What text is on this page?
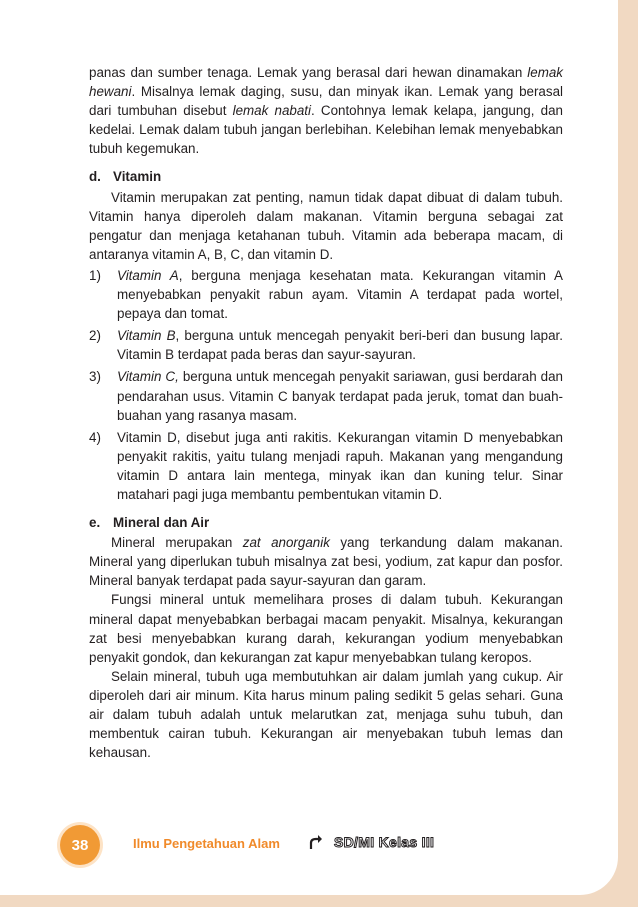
panas dan sumber tenaga. Lemak yang berasal dari hewan dinamakan lemak hewani. Misalnya lemak daging, susu, dan minyak ikan. Lemak yang berasal dari tumbuhan disebut lemak nabati. Contohnya lemak kelapa, jangung, dan kedelai. Lemak dalam tubuh jangan berlebihan. Kelebihan lemak menyebabkan tubuh kegemukan.

d. Vitamin

Vitamin merupakan zat penting, namun tidak dapat dibuat di dalam tubuh. Vitamin hanya diperoleh dalam makanan. Vitamin berguna sebagai zat pengatur dan menjaga ketahanan tubuh. Vitamin ada beberapa macam, di antaranya vitamin A, B, C, dan vitamin D.

1) Vitamin A, berguna menjaga kesehatan mata. Kekurangan vitamin A menyebabkan penyakit rabun ayam. Vitamin A terdapat pada wortel, pepaya dan tomat.
2) Vitamin B, berguna untuk mencegah penyakit beri-beri dan busung lapar. Vitamin B terdapat pada beras dan sayur-sayuran.
3) Vitamin C, berguna untuk mencegah penyakit sariawan, gusi berdarah dan pendarahan usus. Vitamin C banyak terdapat pada jeruk, tomat dan buah-buahan yang rasanya masam.
4) Vitamin D, disebut juga anti rakitis. Kekurangan vitamin D menyebabkan penyakit rakitis, yaitu tulang menjadi rapuh. Makanan yang mengandung vitamin D antara lain mentega, minyak ikan dan kuning telur. Sinar matahari pagi juga membantu pembentukan vitamin D.

e. Mineral dan Air

Mineral merupakan zat anorganik yang terkandung dalam makanan. Mineral yang diperlukan tubuh misalnya zat besi, yodium, zat kapur dan posfor. Mineral banyak terdapat pada sayur-sayuran dan garam.

Fungsi mineral untuk memelihara proses di dalam tubuh. Kekurangan mineral dapat menyebabkan berbagai macam penyakit. Misalnya, kekurangan zat besi menyebabkan kurang darah, kekurangan yodium menyebabkan penyakit gondok, dan kekurangan zat kapur menyebabkan tulang keropos.

Selain mineral, tubuh uga membutuhkan air dalam jumlah yang cukup. Air diperoleh dari air minum. Kita harus minum paling sedikit 5 gelas sehari. Guna air dalam tubuh adalah untuk melarutkan zat, menjaga suhu tubuh, dan membentuk cairan tubuh. Kekurangan air menyebakan tubuh lemas dan kehausan.

38	Ilmu Pengetahuan Alam	SD/MI Kelas III
